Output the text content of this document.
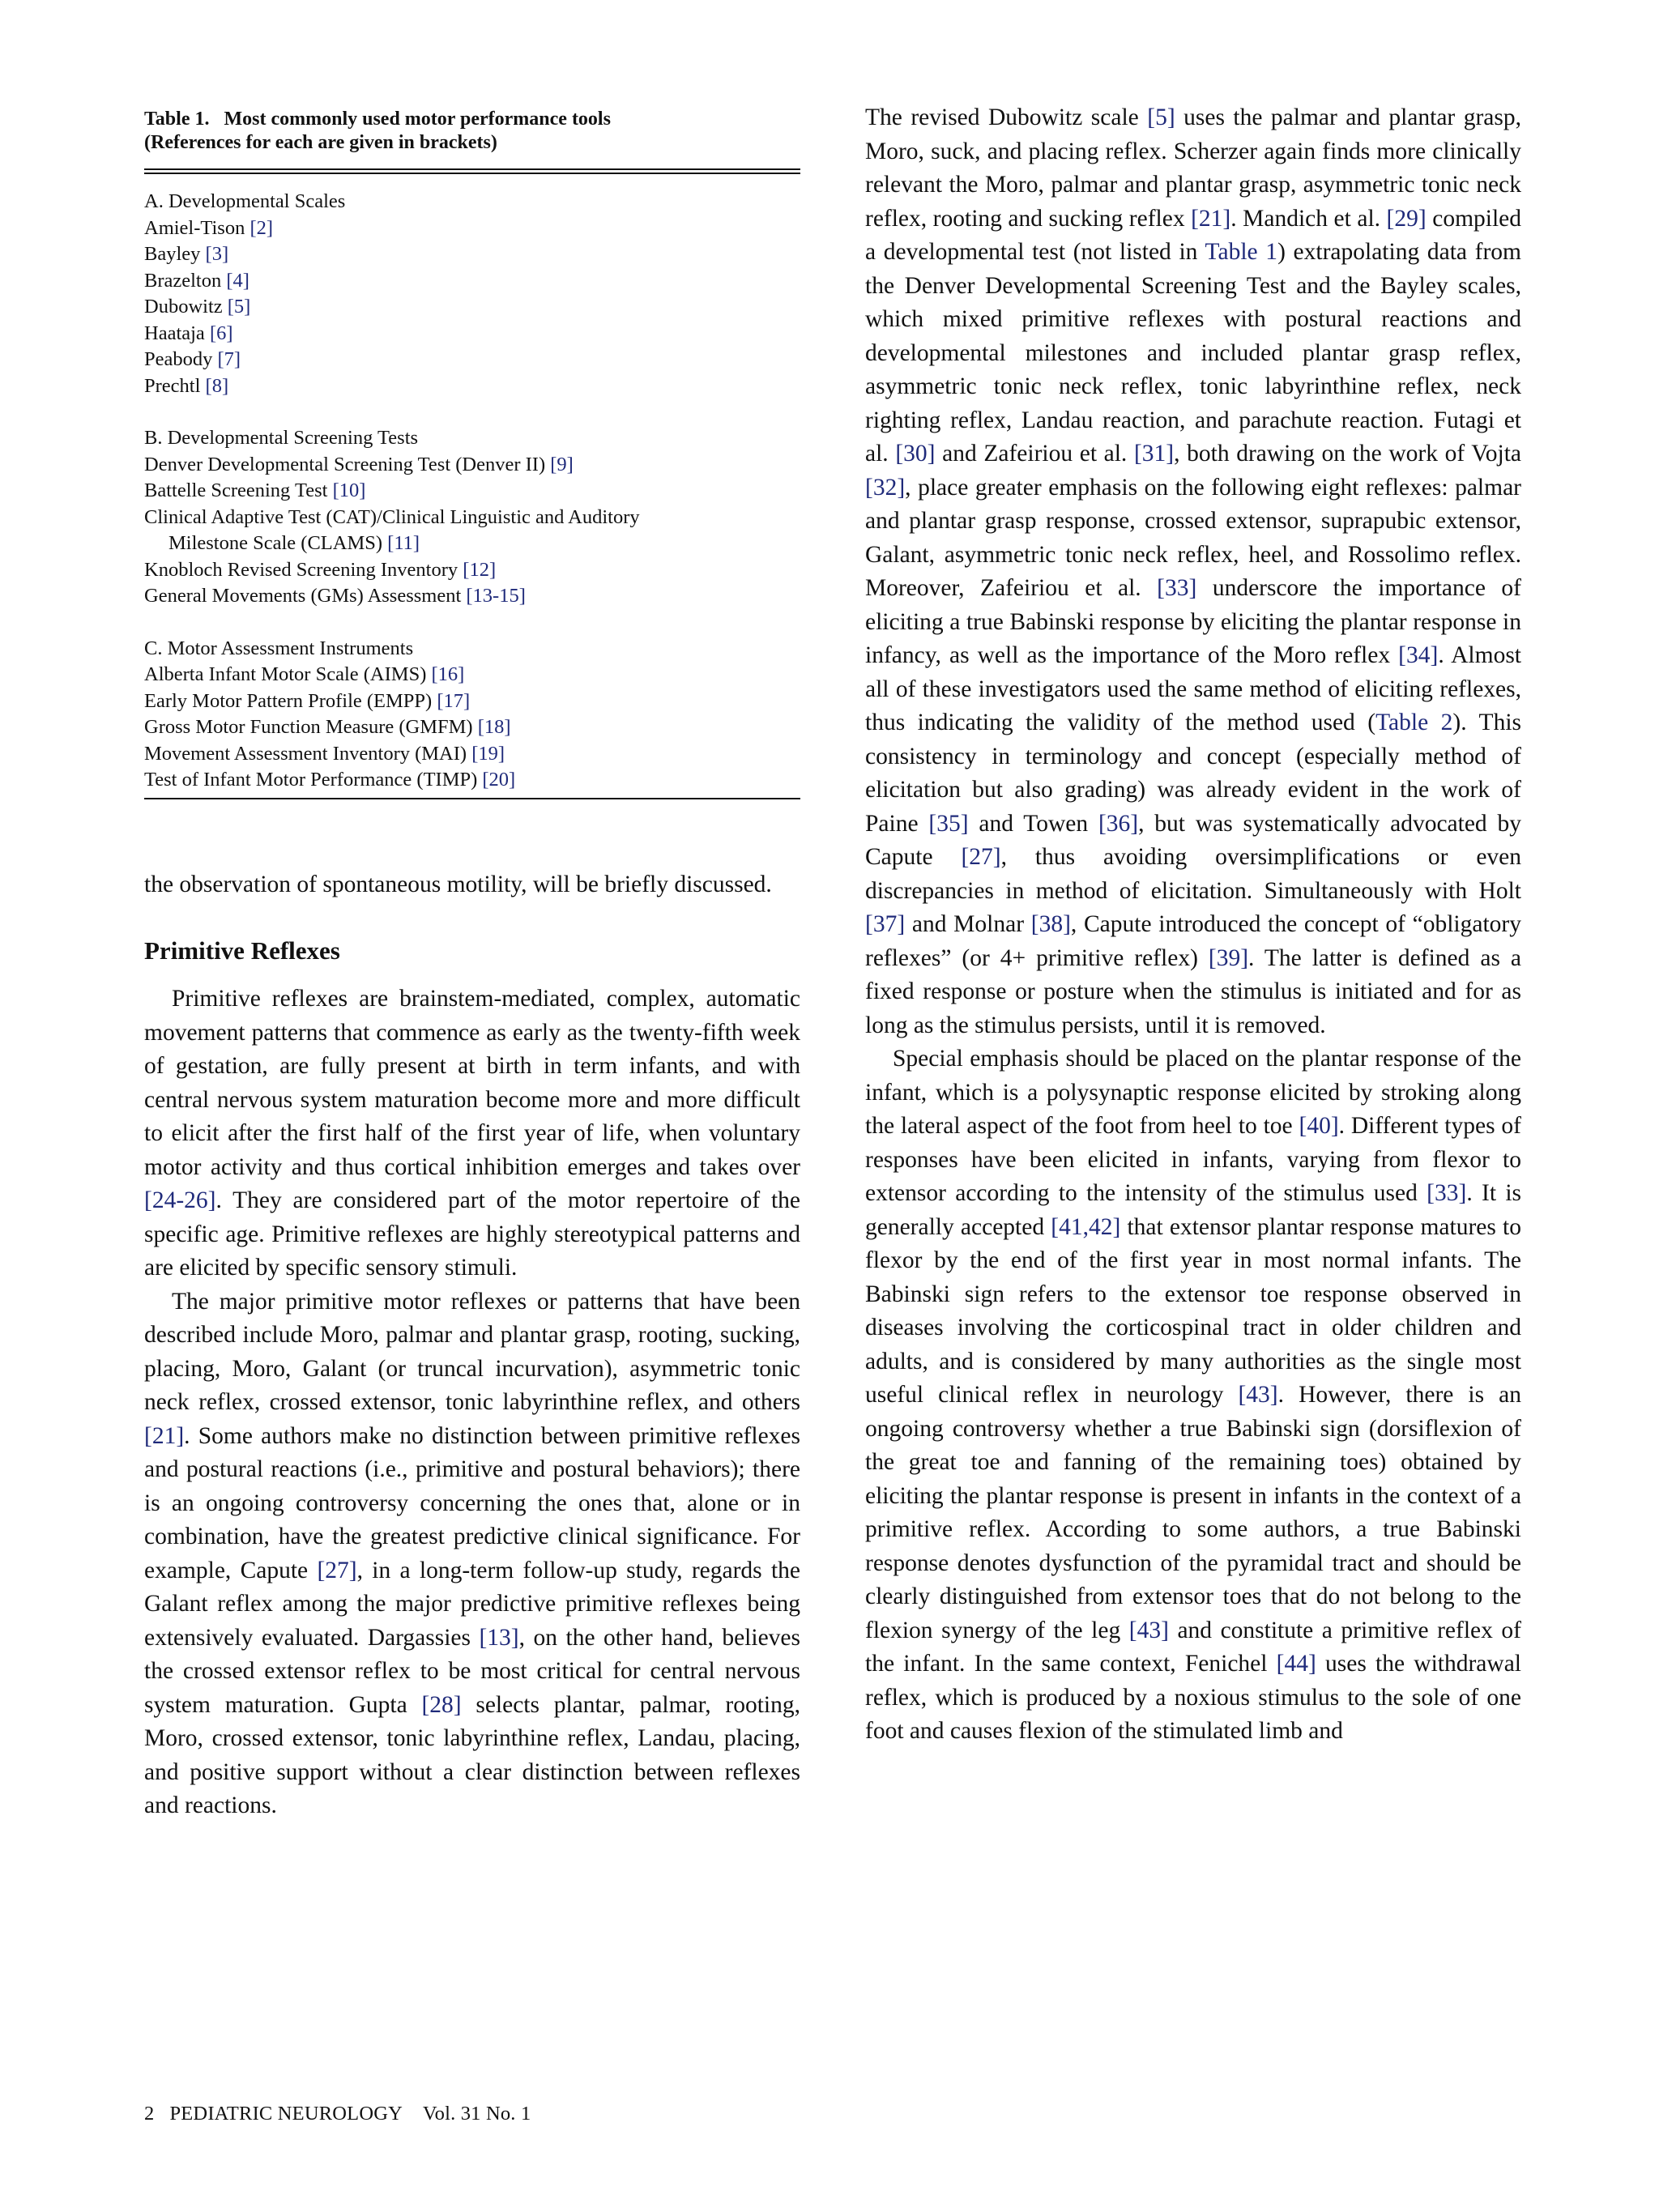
Table 1.   Most commonly used motor performance tools
(References for each are given in brackets)
A. Developmental Scales
Amiel-Tison [2]
Bayley [3]
Brazelton [4]
Dubowitz [5]
Haataja [6]
Peabody [7]
Prechtl [8]
B. Developmental Screening Tests
Denver Developmental Screening Test (Denver II) [9]
Battelle Screening Test [10]
Clinical Adaptive Test (CAT)/Clinical Linguistic and Auditory
Milestone Scale (CLAMS) [11]
Knobloch Revised Screening Inventory [12]
General Movements (GMs) Assessment [13-15]
C. Motor Assessment Instruments
Alberta Infant Motor Scale (AIMS) [16]
Early Motor Pattern Profile (EMPP) [17]
Gross Motor Function Measure (GMFM) [18]
Movement Assessment Inventory (MAI) [19]
Test of Infant Motor Performance (TIMP) [20]

the observation of spontaneous motility, will be briefly discussed.

Primitive Reflexes

Primitive reflexes are brainstem-mediated, complex, automatic movement patterns that commence as early as the twenty-fifth week of gestation, are fully present at birth in term infants, and with central nervous system maturation become more and more difficult to elicit after the first half of the first year of life, when voluntary motor activity and thus cortical inhibition emerges and takes over [24-26]. They are considered part of the motor repertoire of the specific age. Primitive reflexes are highly stereotypical patterns and are elicited by specific sensory stimuli.

The major primitive motor reflexes or patterns that have been described include Moro, palmar and plantar grasp, rooting, sucking, placing, Moro, Galant (or truncal incurvation), asymmetric tonic neck reflex, crossed extensor, tonic labyrinthine reflex, and others [21]. Some authors make no distinction between primitive reflexes and postural reactions (i.e., primitive and postural behaviors); there is an ongoing controversy concerning the ones that, alone or in combination, have the greatest predictive clinical significance. For example, Capute [27], in a long-term follow-up study, regards the Galant reflex among the major predictive primitive reflexes being extensively evaluated. Dargassies [13], on the other hand, believes the crossed extensor reflex to be most critical for central nervous system maturation. Gupta [28] selects plantar, palmar, rooting, Moro, crossed extensor, tonic labyrinthine reflex, Landau, placing, and positive support without a clear distinction between reflexes and reactions.

The revised Dubowitz scale [5] uses the palmar and plantar grasp, Moro, suck, and placing reflex. Scherzer again finds more clinically relevant the Moro, palmar and plantar grasp, asymmetric tonic neck reflex, rooting and sucking reflex [21]. Mandich et al. [29] compiled a developmental test (not listed in Table 1) extrapolating data from the Denver Developmental Screening Test and the Bayley scales, which mixed primitive reflexes with postural reactions and developmental milestones and included plantar grasp reflex, asymmetric tonic neck reflex, tonic labyrinthine reflex, neck righting reflex, Landau reaction, and parachute reaction. Futagi et al. [30] and Zafeiriou et al. [31], both drawing on the work of Vojta [32], place greater emphasis on the following eight reflexes: palmar and plantar grasp response, crossed extensor, suprapubic extensor, Galant, asymmetric tonic neck reflex, heel, and Rossolimo reflex. Moreover, Zafeiriou et al. [33] underscore the importance of eliciting a true Babinski response by eliciting the plantar response in infancy, as well as the importance of the Moro reflex [34]. Almost all of these investigators used the same method of eliciting reflexes, thus indicating the validity of the method used (Table 2). This consistency in terminology and concept (especially method of elicitation but also grading) was already evident in the work of Paine [35] and Towen [36], but was systematically advocated by Capute [27], thus avoiding oversimplifications or even discrepancies in method of elicitation. Simultaneously with Holt [37] and Molnar [38], Capute introduced the concept of “obligatory reflexes” (or 4+ primitive reflex) [39]. The latter is defined as a fixed response or posture when the stimulus is initiated and for as long as the stimulus persists, until it is removed.

Special emphasis should be placed on the plantar response of the infant, which is a polysynaptic response elicited by stroking along the lateral aspect of the foot from heel to toe [40]. Different types of responses have been elicited in infants, varying from flexor to extensor according to the intensity of the stimulus used [33]. It is generally accepted [41,42] that extensor plantar response matures to flexor by the end of the first year in most normal infants. The Babinski sign refers to the extensor toe response observed in diseases involving the corticospinal tract in older children and adults, and is considered by many authorities as the single most useful clinical reflex in neurology [43]. However, there is an ongoing controversy whether a true Babinski sign (dorsiflexion of the great toe and fanning of the remaining toes) obtained by eliciting the plantar response is present in infants in the context of a primitive reflex. According to some authors, a true Babinski response denotes dysfunction of the pyramidal tract and should be clearly distinguished from extensor toes that do not belong to the flexion synergy of the leg [43] and constitute a primitive reflex of the infant. In the same context, Fenichel [44] uses the withdrawal reflex, which is produced by a noxious stimulus to the sole of one foot and causes flexion of the stimulated limb and

2 PEDIATRIC NEUROLOGY Vol. 31 No. 1
